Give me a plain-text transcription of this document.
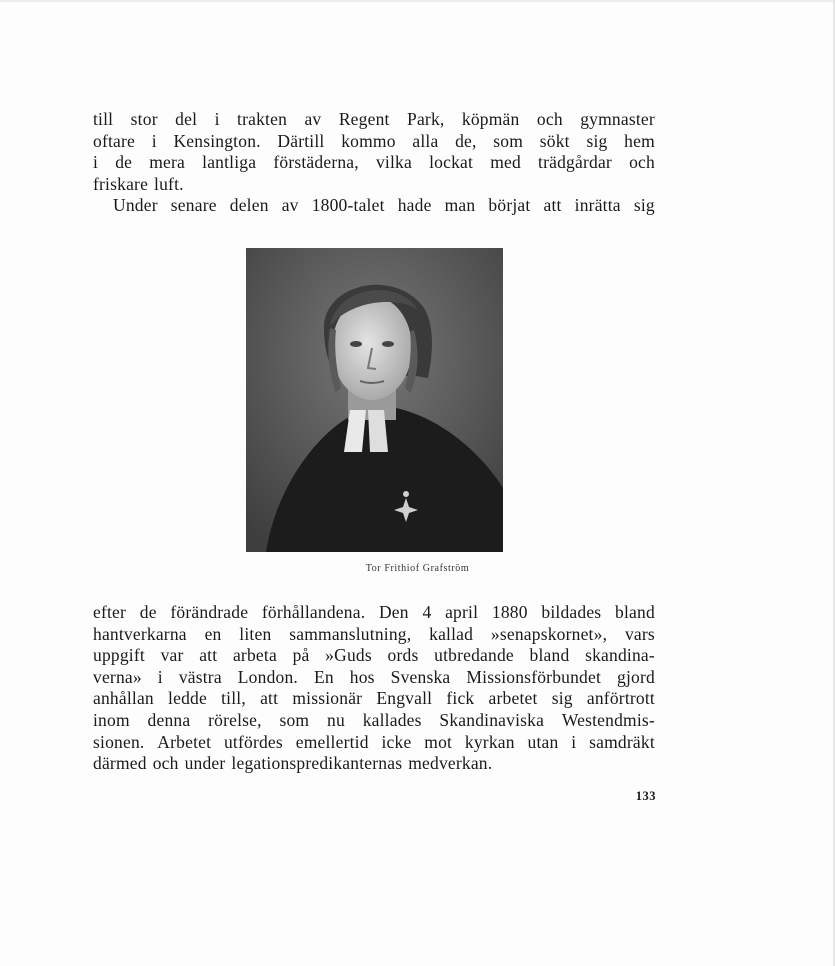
till stor del i trakten av Regent Park, köpmän och gymnaster
oftare i Kensington. Därtill kommo alla de, som sökt sig hem
i de mera lantliga förstäderna, vilka lockat med trädgårdar och
friskare luft.
Under senare delen av 1800-talet hade man börjat att inrätta sig
Tor Frithiof Grafström
efter de förändrade förhållandena. Den 4 april 1880 bildades bland
hantverkarna en liten sammanslutning, kallad »senapskornet», vars
uppgift var att arbeta på »Guds ords utbredande bland skandina-
verna» i västra London. En hos Svenska Missionsförbundet gjord
anhållan ledde till, att missionär Engvall fick arbetet sig anförtrott
inom denna rörelse, som nu kallades Skandinaviska Westendmis-
sionen. Arbetet utfördes emellertid icke mot kyrkan utan i samdräkt
därmed och under legationspredikanternas medverkan.
133
